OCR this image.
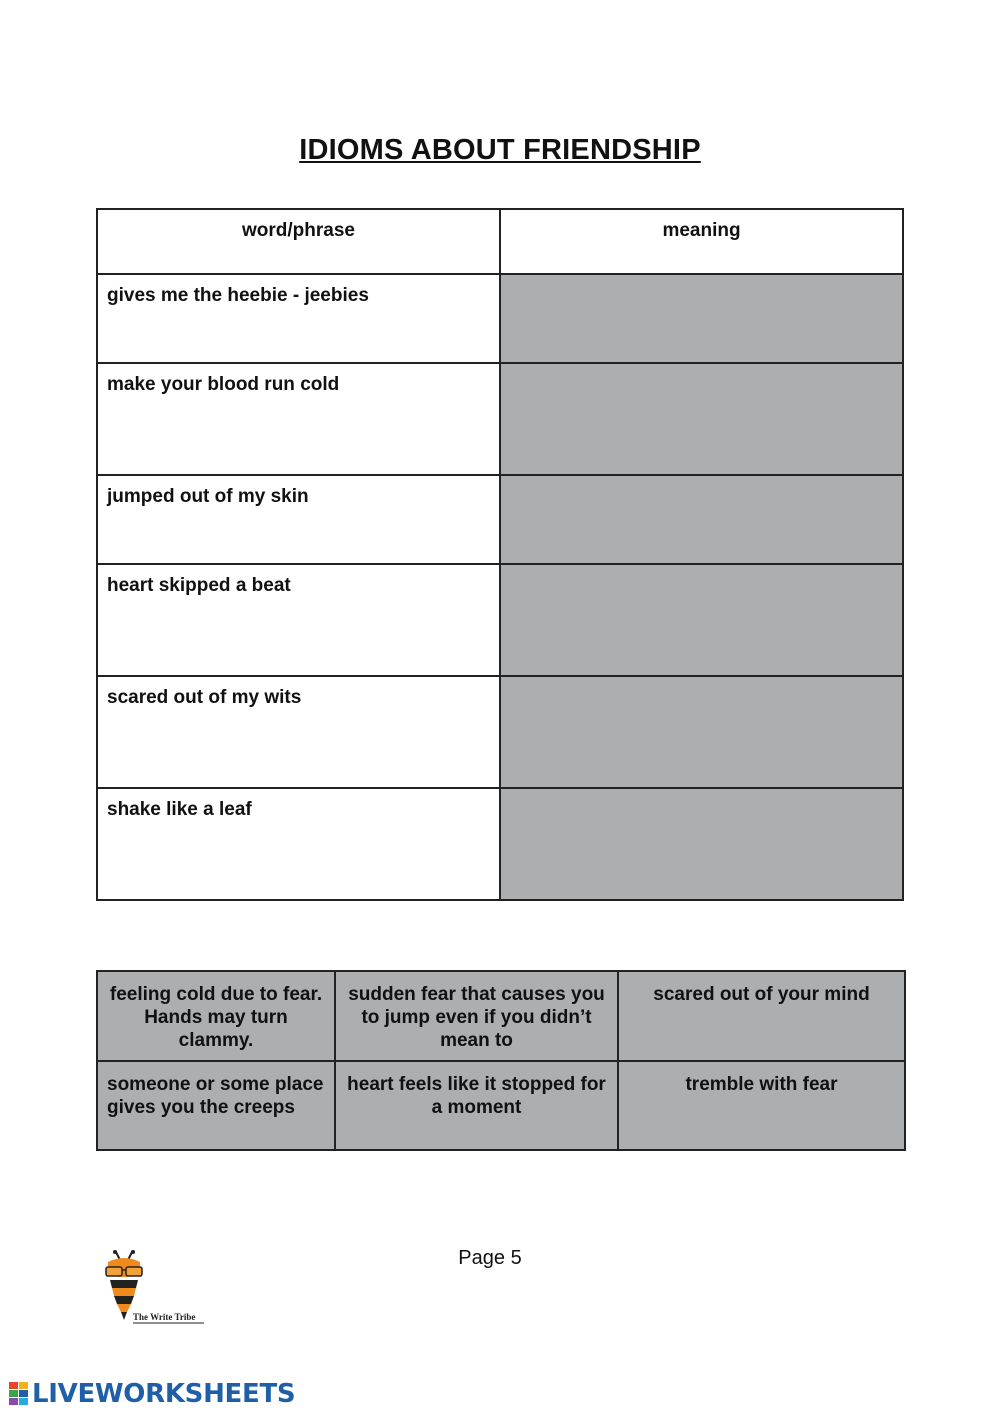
IDIOMS ABOUT FRIENDSHIP
word/phrase	meaning
gives me the heebie - jeebies	
make your blood run cold	
jumped out of my skin	
heart skipped a beat	
scared out of my wits	
shake like a leaf	
feeling cold due to fear. Hands may turn clammy.	sudden fear that causes you to jump even if you didn’t mean to	scared out of your mind
someone or some place gives you the creeps	heart feels like it stopped for a moment	tremble with fear
Page 5
The Write Tribe
LIVEWORKSHEETS
